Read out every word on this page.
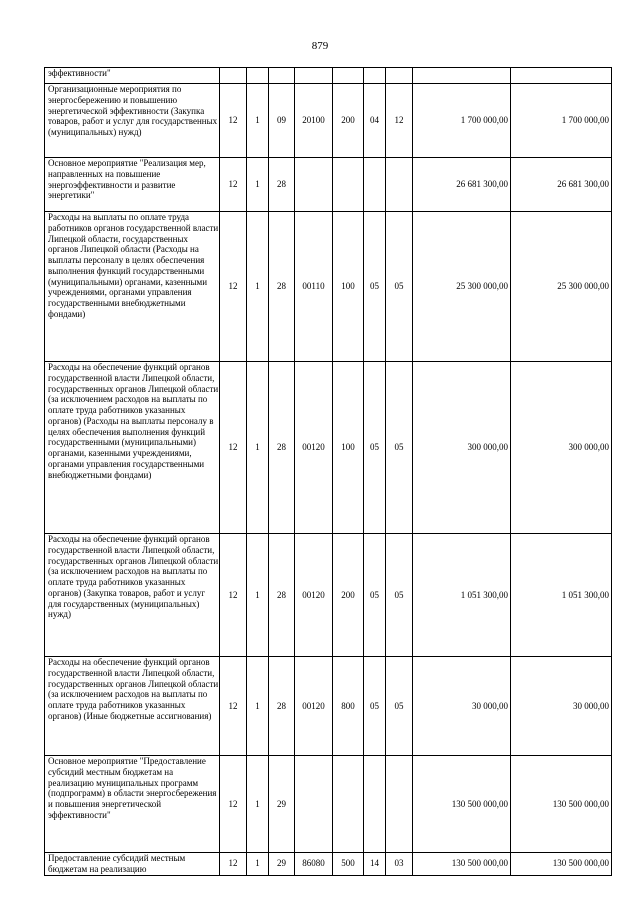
879
эффективности"									
Организационные мероприятия по энергосбережению и повышению энергетической эффективности (Закупка товаров, работ и услуг для государственных (муниципальных) нужд)	12	1	09	20100	200	04	12	1 700 000,00	1 700 000,00
Основное мероприятие "Реализация мер, направленных на повышение энергоэффективности и развитие энергетики"	12	1	28					26 681 300,00	26 681 300,00
Расходы на выплаты по оплате труда работников органов государственной власти Липецкой области, государственных органов Липецкой области (Расходы на выплаты персоналу в целях обеспечения выполнения функций государственными (муниципальными) органами, казенными учреждениями, органами управления государственными внебюджетными фондами)	12	1	28	00110	100	05	05	25 300 000,00	25 300 000,00
Расходы на обеспечение функций органов государственной власти Липецкой области, государственных органов Липецкой области (за исключением расходов на выплаты по оплате труда работников указанных органов) (Расходы на выплаты персоналу в целях обеспечения выполнения функций государственными (муниципальными) органами, казенными учреждениями, органами управления государственными внебюджетными фондами)	12	1	28	00120	100	05	05	300 000,00	300 000,00
Расходы на обеспечение функций органов государственной власти Липецкой области, государственных органов Липецкой области (за исключением расходов на выплаты по оплате труда работников указанных органов) (Закупка товаров, работ и услуг для государственных (муниципальных) нужд)	12	1	28	00120	200	05	05	1 051 300,00	1 051 300,00
Расходы на обеспечение функций органов государственной власти Липецкой области, государственных органов Липецкой области (за исключением расходов на выплаты по оплате труда работников указанных органов) (Иные бюджетные ассигнования)	12	1	28	00120	800	05	05	30 000,00	30 000,00
Основное мероприятие "Предоставление субсидий местным бюджетам на реализацию муниципальных программ (подпрограмм) в области энергосбережения и повышения энергетической эффективности"	12	1	29					130 500 000,00	130 500 000,00
Предоставление субсидий местным бюджетам на реализацию	12	1	29	86080	500	14	03	130 500 000,00	130 500 000,00
